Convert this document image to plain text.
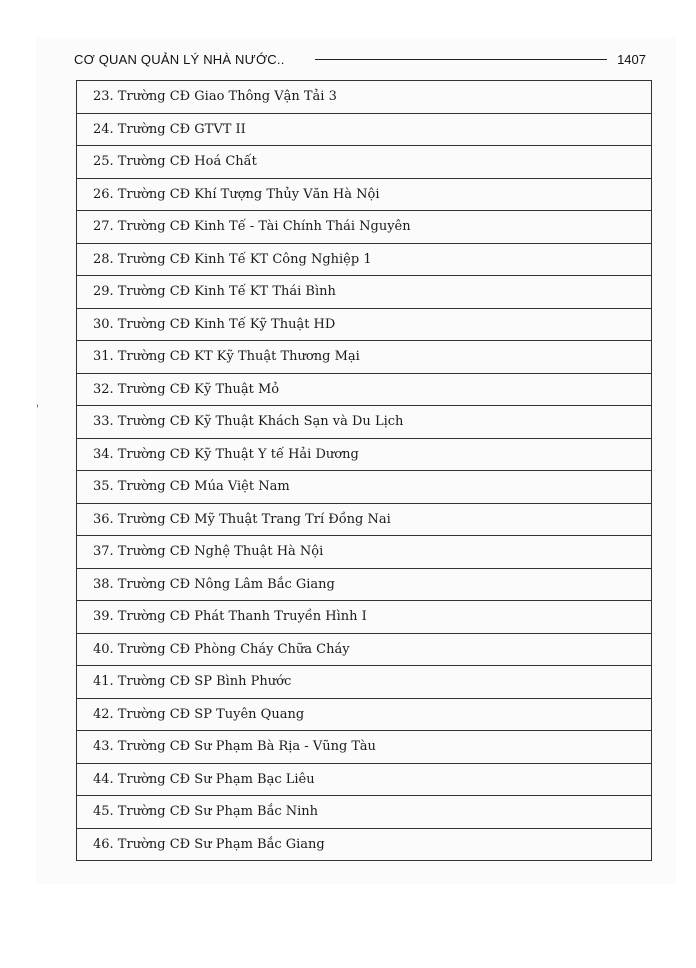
CƠ QUAN QUẢN LÝ NHÀ NƯỚC..	1407
'
23. Trường CĐ Giao Thông Vận Tải 3
24. Trường CĐ GTVT II
25. Trường CĐ Hoá Chất
26. Trường CĐ Khí Tượng Thủy Văn Hà Nội
27. Trường CĐ Kinh Tế - Tài Chính Thái Nguyên
28. Trường CĐ Kinh Tế KT Công Nghiệp 1
29. Trường CĐ Kinh Tế KT Thái Bình
30. Trường CĐ Kinh Tế Kỹ Thuật HD
31. Trường CĐ KT Kỹ Thuật Thương Mại
32. Trường CĐ Kỹ Thuật Mỏ
33. Trường CĐ Kỹ Thuật Khách Sạn và Du Lịch
34. Trường CĐ Kỹ Thuật Y tế Hải Dương
35. Trường CĐ Múa Việt Nam
36. Trường CĐ Mỹ Thuật Trang Trí Đồng Nai
37. Trường CĐ Nghệ Thuật Hà Nội
38. Trường CĐ Nông Lâm Bắc Giang
39. Trường CĐ Phát Thanh Truyền Hình I
40. Trường CĐ Phòng Cháy Chữa Cháy
41. Trường CĐ SP Bình Phước
42. Trường CĐ SP Tuyên Quang
43. Trường CĐ Sư Phạm Bà Rịa - Vũng Tàu
44. Trường CĐ Sư Phạm Bạc Liêu
45. Trường CĐ Sư Phạm Bắc Ninh
46. Trường CĐ Sư Phạm Bắc Giang
